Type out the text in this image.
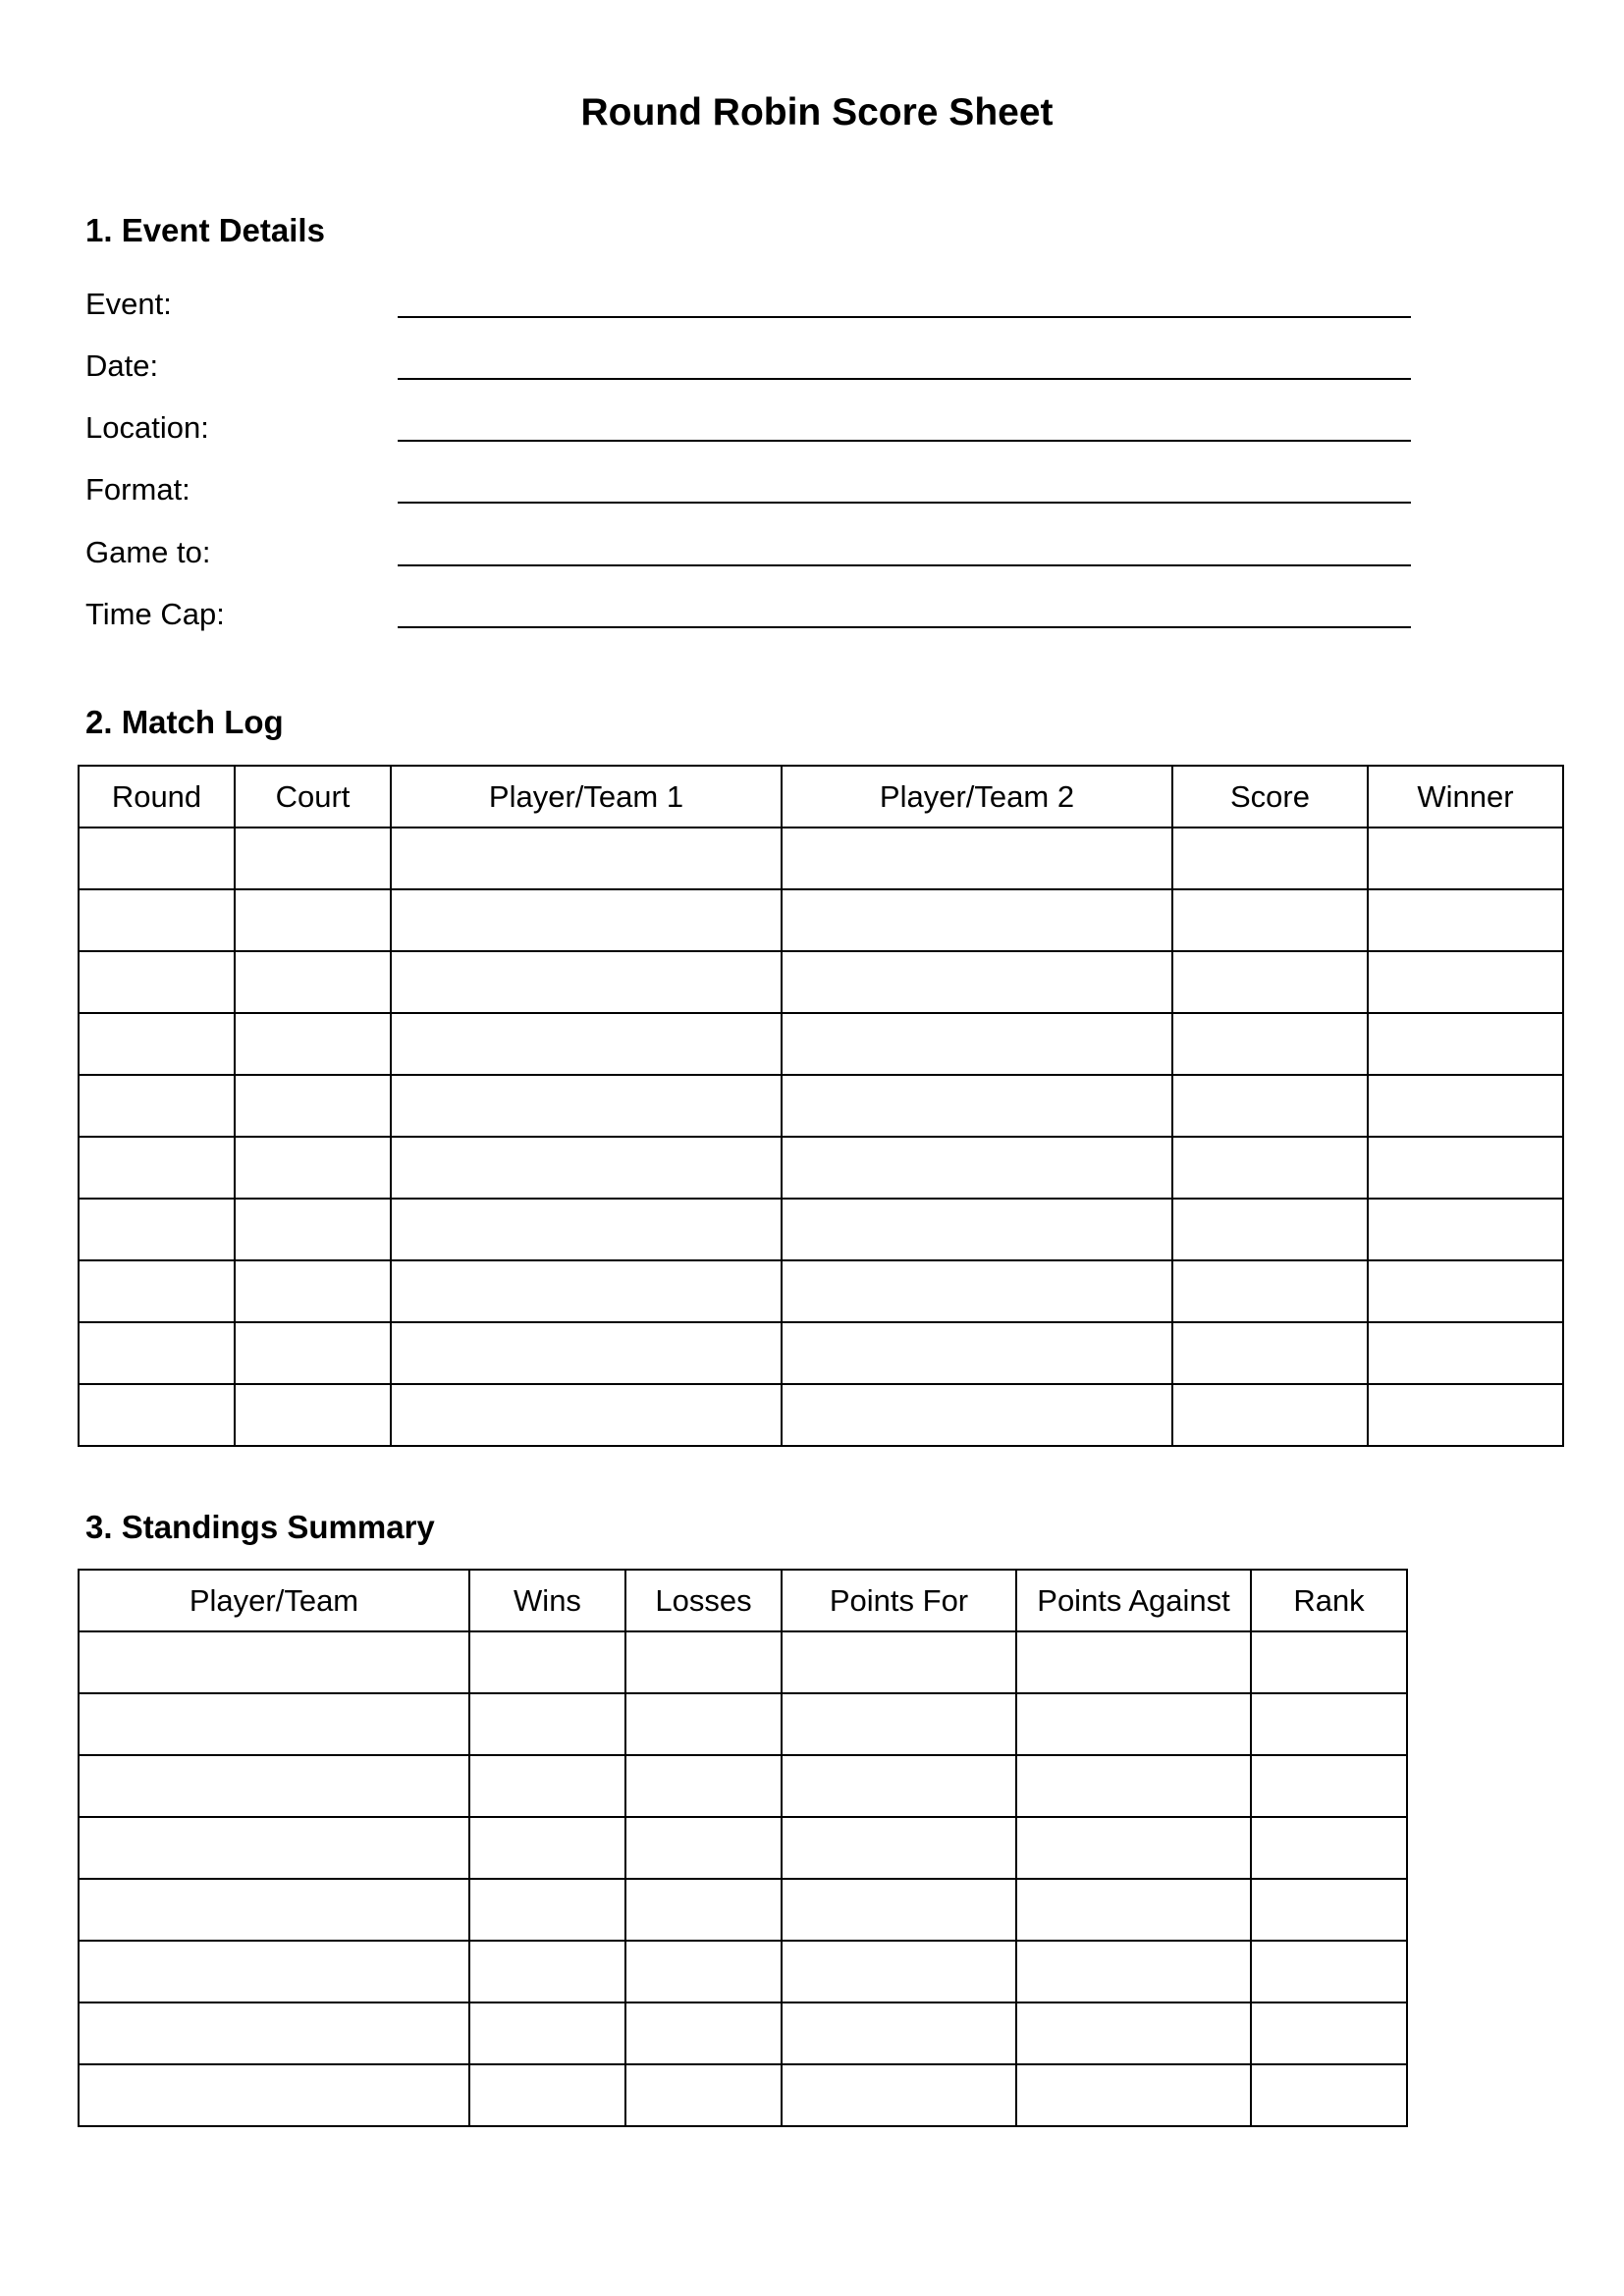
Round Robin Score Sheet
1. Event Details
Event:
Date:
Location:
Format:
Game to:
Time Cap:
2. Match Log
Round	Court	Player/Team 1	Player/Team 2	Score	Winner

3. Standings Summary
Player/Team	Wins	Losses	Points For	Points Against	Rank
